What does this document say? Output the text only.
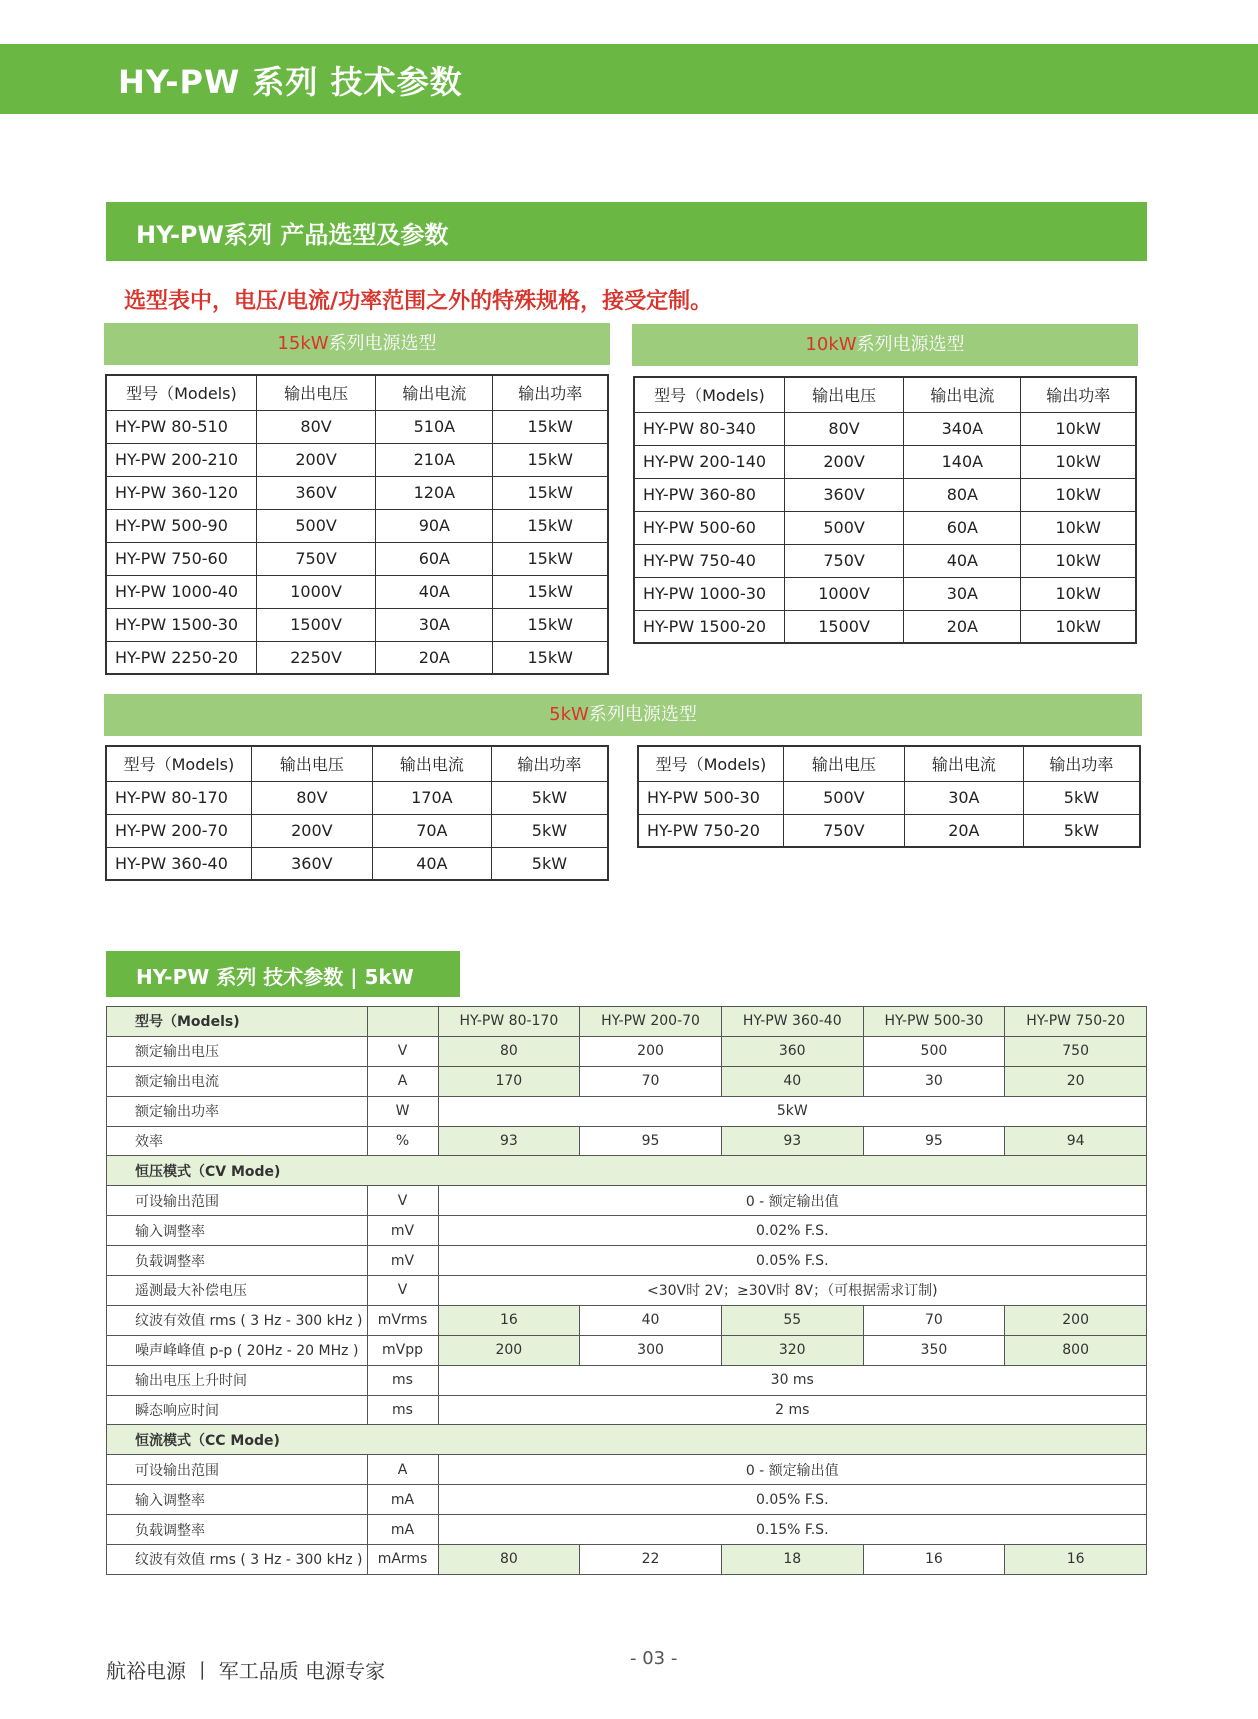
HY-PW 系列 技术参数
HY-PW系列 产品选型及参数
选型表中，电压/电流/功率范围之外的特殊规格，接受定制。
15kW系列电源选型
型号（Models)	输出电压	输出电流	输出功率
HY-PW 80-510	80V	510A	15kW
HY-PW 200-210	200V	210A	15kW
HY-PW 360-120	360V	120A	15kW
HY-PW 500-90	500V	90A	15kW
HY-PW 750-60	750V	60A	15kW
HY-PW 1000-40	1000V	40A	15kW
HY-PW 1500-30	1500V	30A	15kW
HY-PW 2250-20	2250V	20A	15kW
10kW系列电源选型
型号（Models)	输出电压	输出电流	输出功率
HY-PW 80-340	80V	340A	10kW
HY-PW 200-140	200V	140A	10kW
HY-PW 360-80	360V	80A	10kW
HY-PW 500-60	500V	60A	10kW
HY-PW 750-40	750V	40A	10kW
HY-PW 1000-30	1000V	30A	10kW
HY-PW 1500-20	1500V	20A	10kW
5kW系列电源选型
型号（Models)	输出电压	输出电流	输出功率
HY-PW 80-170	80V	170A	5kW
HY-PW 200-70	200V	70A	5kW
HY-PW 360-40	360V	40A	5kW
型号（Models)	输出电压	输出电流	输出功率
HY-PW 500-30	500V	30A	5kW
HY-PW 750-20	750V	20A	5kW
HY-PW 系列 技术参数 | 5kW
型号（Models)		HY-PW 80-170	HY-PW 200-70	HY-PW 360-40	HY-PW 500-30	HY-PW 750-20
额定输出电压	V	80	200	360	500	750
额定输出电流	A	170	70	40	30	20
额定输出功率	W	5kW				
效率	%	93	95	93	95	94
恒压模式（CV Mode)						
可设输出范围	V	0 - 额定输出值				
输入调整率	mV	0.02% F.S.				
负载调整率	mV	0.05% F.S.				
遥测最大补偿电压	V	<30V时 2V；≥30V时 8V；（可根据需求订制)				
纹波有效值 rms ( 3 Hz - 300 kHz )	mVrms	16	40	55	70	200
噪声峰峰值 p-p ( 20Hz - 20 MHz )	mVpp	200	300	320	350	800
输出电压上升时间	ms	30 ms				
瞬态响应时间	ms	2 ms				
恒流模式（CC Mode)						
可设输出范围	A	0 - 额定输出值				
输入调整率	mA	0.05% F.S.				
负载调整率	mA	0.15% F.S.				
纹波有效值 rms ( 3 Hz - 300 kHz )	mArms	80	22	18	16	16
航裕电源 丨 军工品质 电源专家
- 03 -
